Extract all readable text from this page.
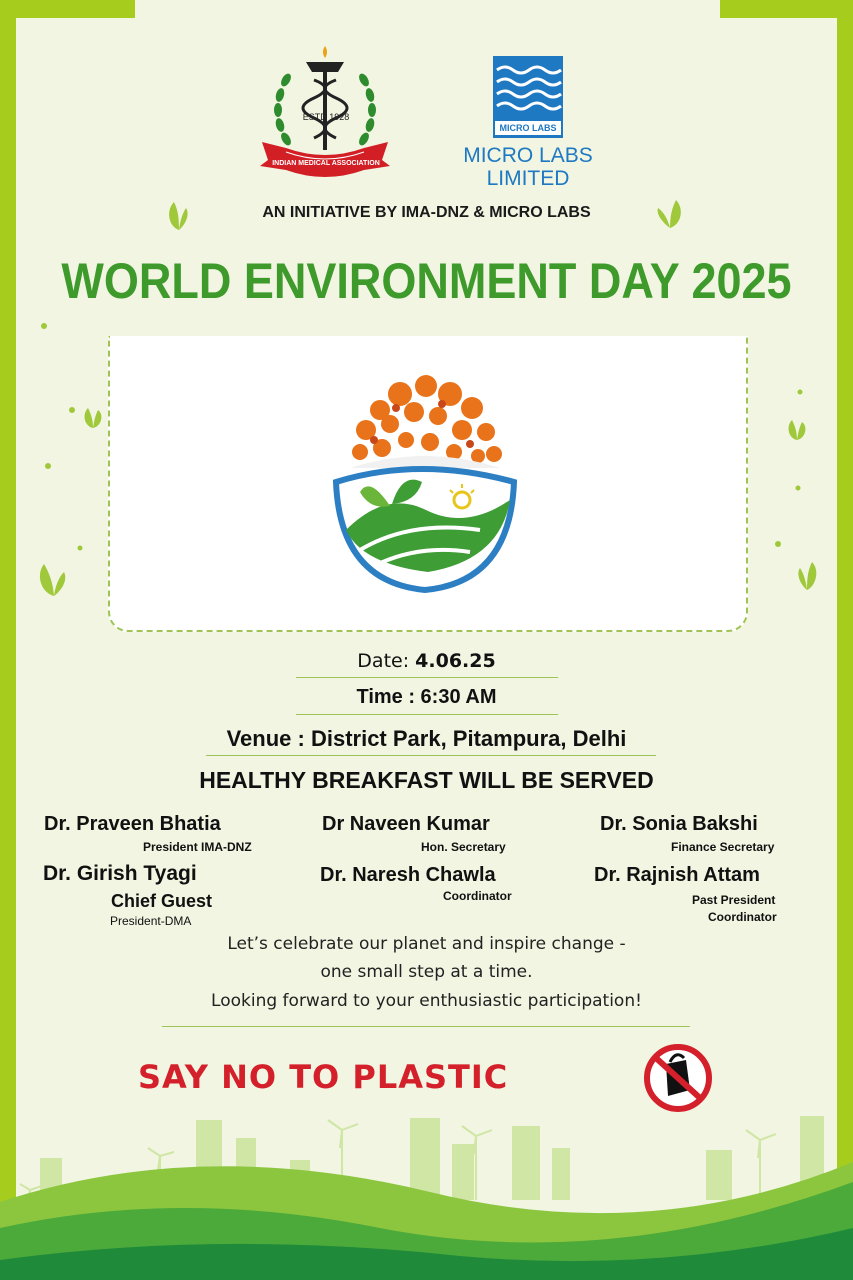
ESTD 1928
INDIAN MEDICAL ASSOCIATION
MICRO LABS
MICRO LABS
LIMITED
AN INITIATIVE BY IMA-DNZ & MICRO LABS
WORLD ENVIRONMENT DAY 2025
Date: 4.06.25
Time : 6:30 AM
Venue : District Park, Pitampura, Delhi
HEALTHY BREAKFAST WILL BE SERVED
Dr. Praveen Bhatia
President IMA-DNZ
Dr Naveen Kumar
Hon. Secretary
Dr. Sonia Bakshi
Finance Secretary
Dr. Girish Tyagi
Chief Guest
President-DMA
Dr. Naresh Chawla
Coordinator
Dr. Rajnish Attam
Past President
Coordinator
Let’s celebrate our planet and inspire change -
one small step at a time.
Looking forward to your enthusiastic participation!
SAY NO TO PLASTIC
